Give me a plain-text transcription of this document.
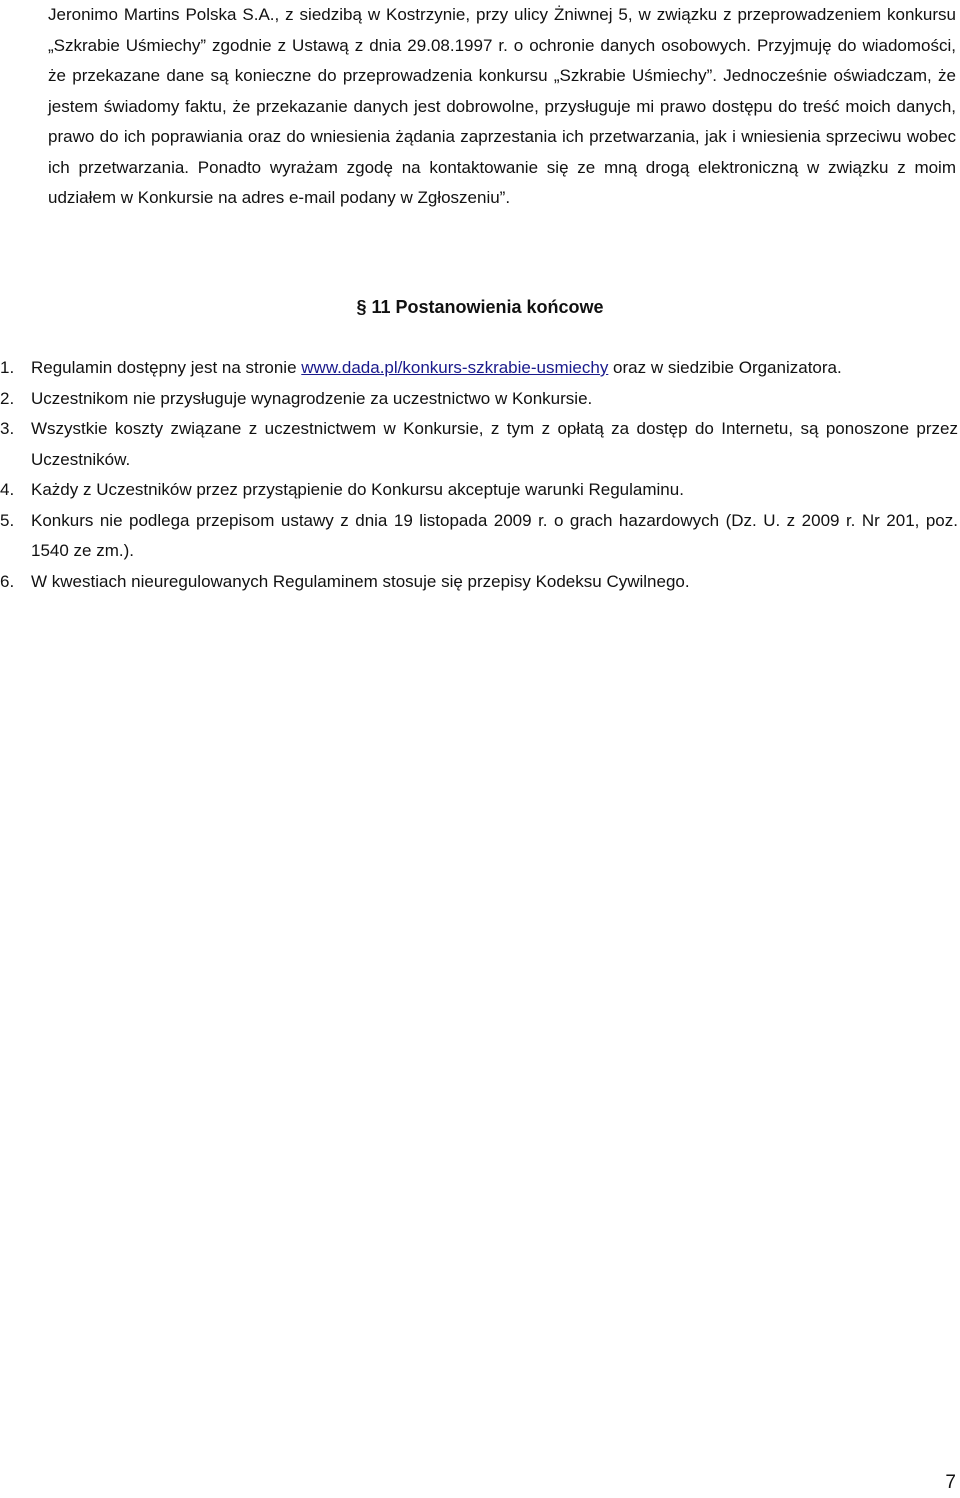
Jeronimo Martins Polska S.A., z siedzibą w Kostrzynie, przy ulicy Żniwnej 5, w związku z przeprowadzeniem konkursu „Szkrabie Uśmiechy” zgodnie z Ustawą z dnia 29.08.1997 r. o ochronie danych osobowych. Przyjmuję do wiadomości, że przekazane dane są konieczne do przeprowadzenia konkursu „Szkrabie Uśmiechy”. Jednocześnie oświadczam, że jestem świadomy faktu, że przekazanie danych jest dobrowolne, przysługuje mi prawo dostępu do treść moich danych, prawo do ich poprawiania oraz do wniesienia żądania zaprzestania ich przetwarzania, jak i wniesienia sprzeciwu wobec ich przetwarzania. Ponadto wyrażam zgodę na kontaktowanie się ze mną drogą elektroniczną w związku z moim udziałem w Konkursie na adres e-mail podany w Zgłoszeniu”.

§ 11 Postanowienia końcowe
1. Regulamin dostępny jest na stronie www.dada.pl/konkurs-szkrabie-usmiechy oraz w siedzibie Organizatora.
2. Uczestnikom nie przysługuje wynagrodzenie za uczestnictwo w Konkursie.
3. Wszystkie koszty związane z uczestnictwem w Konkursie, z tym z opłatą za dostęp do Internetu, są ponoszone przez Uczestników.
4. Każdy z Uczestników przez przystąpienie do Konkursu akceptuje warunki Regulaminu.
5. Konkurs nie podlega przepisom ustawy z dnia 19 listopada 2009 r. o grach hazardowych (Dz. U. z 2009 r. Nr 201, poz. 1540 ze zm.).
6. W kwestiach nieuregulowanych Regulaminem stosuje się przepisy Kodeksu Cywilnego.
7
